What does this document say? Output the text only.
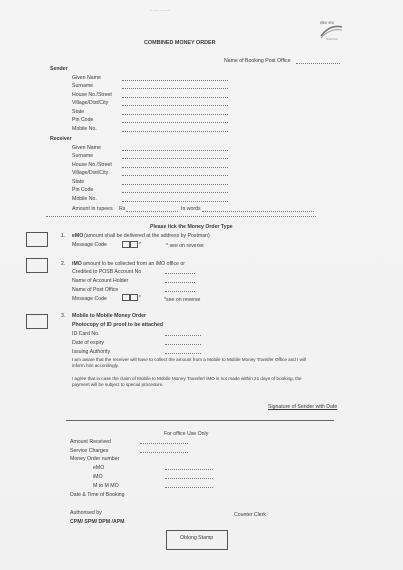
~ ~~ ~ ~~~
इंडिया पोस्ट
India Post
COMBINED MONEY ORDER
Name of Booking Post Office
Sender
Given Name
Surname
House No./Street
Village/Dist/City
State
Pin Code
Mobile No.
Receiver
Given Name
Surname
House No./Street
Village/Dist/City
State
Pin Code
Mobile No.
Amount in rupees Rs	In words
Please tick the Money Order Type
1. eMO (amount shall be delivered at the address by Postman)
Message Code	*	* see on reverse
2. iMO amount to be collected from an iMO office or
Credited to POSB Account No
Name of Account Holder
Name of Post Office
Message Code	*	*see on reverse
3. Mobile to Mobile Money Order
Photocopy of ID proof to be attached
ID Card No.
Date of expiry
Issuing Authority
I am aware that the receiver will have to collect the amount from a Mobile to Mobile Money Transfer Office and I will
inform him accordingly.
I agree that in case the claim of Mobile to Mobile Money Transfer/ iMO is not made within 21 days of booking, the
payment will be subject to special procedure.
Signature of Sender with Date
For office Use Only
Amount Received
Service Charges
Money Order number
eMO
iMO
M to M MO
Date & Time of Booking
Authorised by	Counter Clerk
CPM/ SPM/ DPM /APM
Oblong Stamp
